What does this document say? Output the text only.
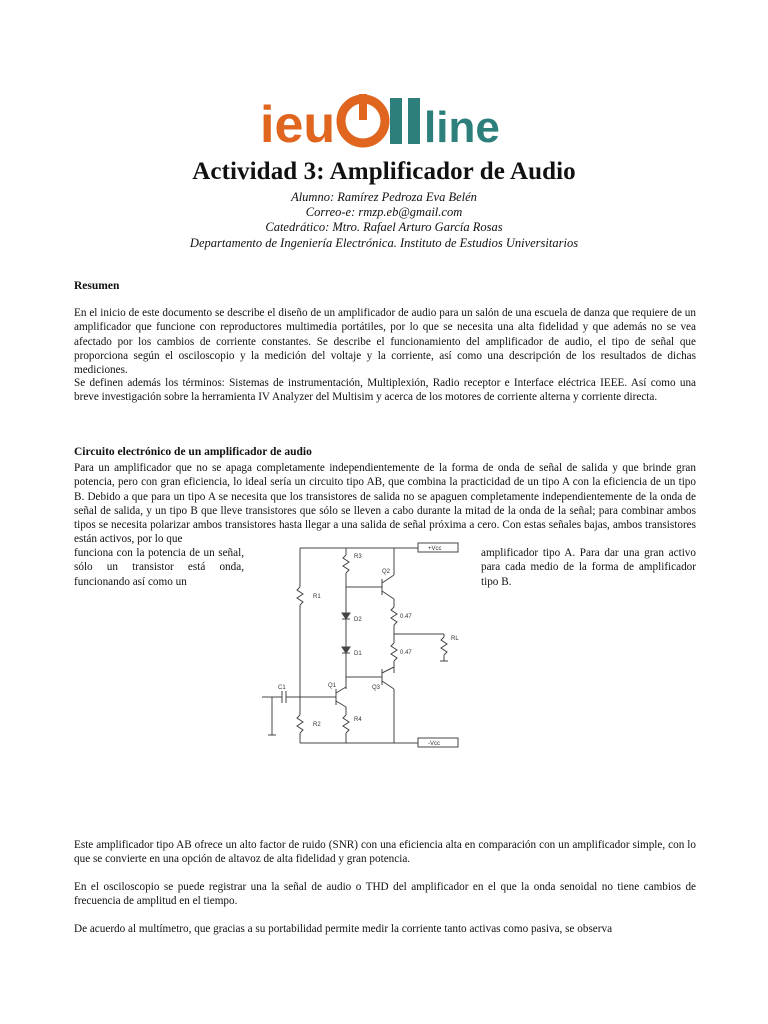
ieu line
Actividad 3: Amplificador de Audio
Alumno: Ramírez Pedroza Eva Belén
Correo-e: rmzp.eb@gmail.com
Catedrático: Mtro. Rafael Arturo García Rosas
Departamento de Ingeniería Electrónica. Instituto de Estudios Universitarios
Resumen

En el inicio de este documento se describe el diseño de un amplificador de audio para un salón de una escuela de danza que requiere de un amplificador que funcione con reproductores multimedia portátiles, por lo que se necesita una alta fidelidad y que además no se vea afectado por los cambios de corriente constantes. Se describe el funcionamiento del amplificador de audio, el tipo de señal que proporciona según el osciloscopio y la medición del voltaje y la corriente, así como una descripción de los resultados de dichas mediciones.

Se definen además los términos: Sistemas de instrumentación, Multiplexión, Radio receptor e Interface eléctrica IEEE. Así como una breve investigación sobre la herramienta IV Analyzer del Multisim y acerca de los motores de corriente alterna y corriente directa.

Circuito electrónico de un amplificador de audio

Para un amplificador que no se apaga completamente independientemente de la forma de onda de señal de salida y que brinde gran potencia, pero con gran eficiencia, lo ideal sería un circuito tipo AB, que combina la practicidad de un tipo A con la eficiencia de un tipo B. Debido a que para un tipo A se necesita que los transistores de salida no se apaguen completamente independientemente de la onda de señal de salida, y un tipo B que lleve transistores que sólo se lleven a cabo durante la mitad de la onda de la señal; para combinar ambos tipos se necesita polarizar ambos transistores hasta llegar a una salida de señal próxima a cero. Con estas señales bajas, ambos transistores están activos, por lo que

funciona con la potencia de un señal, sólo un transistor está onda, funcionando así como un

amplificador tipo A. Para dar una gran activo para cada medio de la forma de amplificador tipo B.

+Vcc
-Vcc
R1
R2
C1
R3
D2
D1
Q1
R4
Q2
0.47
0.47
Q3
RL

Este amplificador tipo AB ofrece un alto factor de ruido (SNR) con una eficiencia alta en comparación con un amplificador simple, con lo que se convierte en una opción de altavoz de alta fidelidad y gran potencia.

En el osciloscopio se puede registrar una la señal de audio o THD del amplificador en el que la onda senoidal no tiene cambios de frecuencia de amplitud en el tiempo.

De acuerdo al multímetro, que gracias a su portabilidad permite medir la corriente tanto activas como pasiva, se observa
